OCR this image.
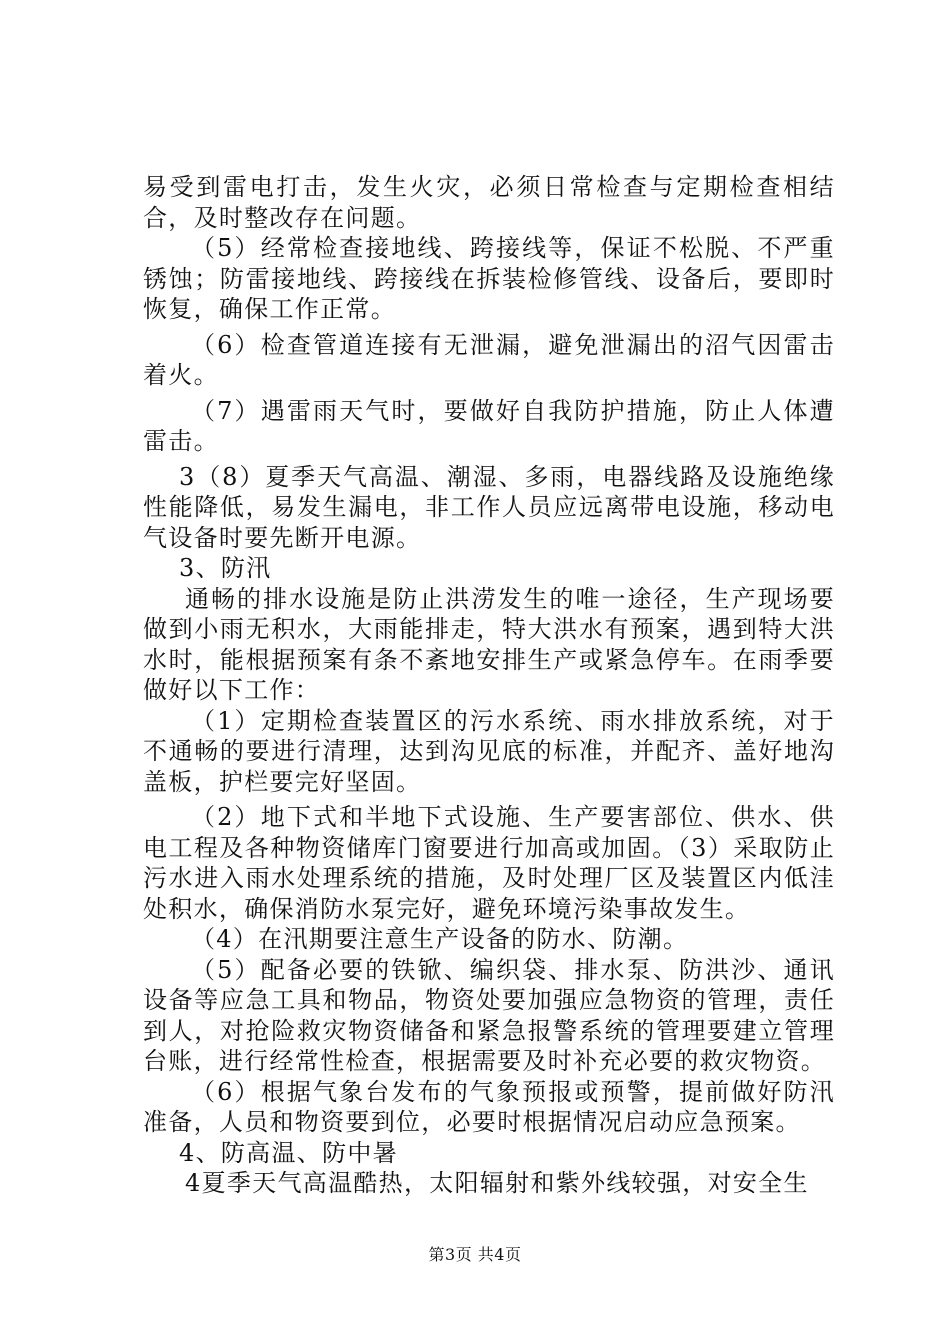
易受到雷电打击，发生火灾，必须日常检查与定期检查相结合，及时整改存在问题。

（5）经常检查接地线、跨接线等，保证不松脱、不严重锈蚀；防雷接地线、跨接线在拆装检修管线、设备后，要即时恢复，确保工作正常。

（6）检查管道连接有无泄漏，避免泄漏出的沼气因雷击着火。

（7）遇雷雨天气时，要做好自我防护措施，防止人体遭雷击。

3（8）夏季天气高温、潮湿、多雨，电器线路及设施绝缘性能降低，易发生漏电，非工作人员应远离带电设施，移动电气设备时要先断开电源。

3、防汛

通畅的排水设施是防止洪涝发生的唯一途径，生产现场要做到小雨无积水，大雨能排走，特大洪水有预案，遇到特大洪水时，能根据预案有条不紊地安排生产或紧急停车。在雨季要做好以下工作：

（1）定期检查装置区的污水系统、雨水排放系统，对于不通畅的要进行清理，达到沟见底的标准，并配齐、盖好地沟盖板，护栏要完好坚固。

（2）地下式和半地下式设施、生产要害部位、供水、供电工程及各种物资储库门窗要进行加高或加固。（3）采取防止污水进入雨水处理系统的措施，及时处理厂区及装置区内低洼处积水，确保消防水泵完好，避免环境污染事故发生。

（4）在汛期要注意生产设备的防水、防潮。

（5）配备必要的铁锨、编织袋、排水泵、防洪沙、通讯设备等应急工具和物品，物资处要加强应急物资的管理，责任到人，对抢险救灾物资储备和紧急报警系统的管理要建立管理台账，进行经常性检查，根据需要及时补充必要的救灾物资。

（6）根据气象台发布的气象预报或预警，提前做好防汛准备，人员和物资要到位，必要时根据情况启动应急预案。

4、防高温、防中暑

4夏季天气高温酷热，太阳辐射和紫外线较强，对安全生

第3页 共4页
